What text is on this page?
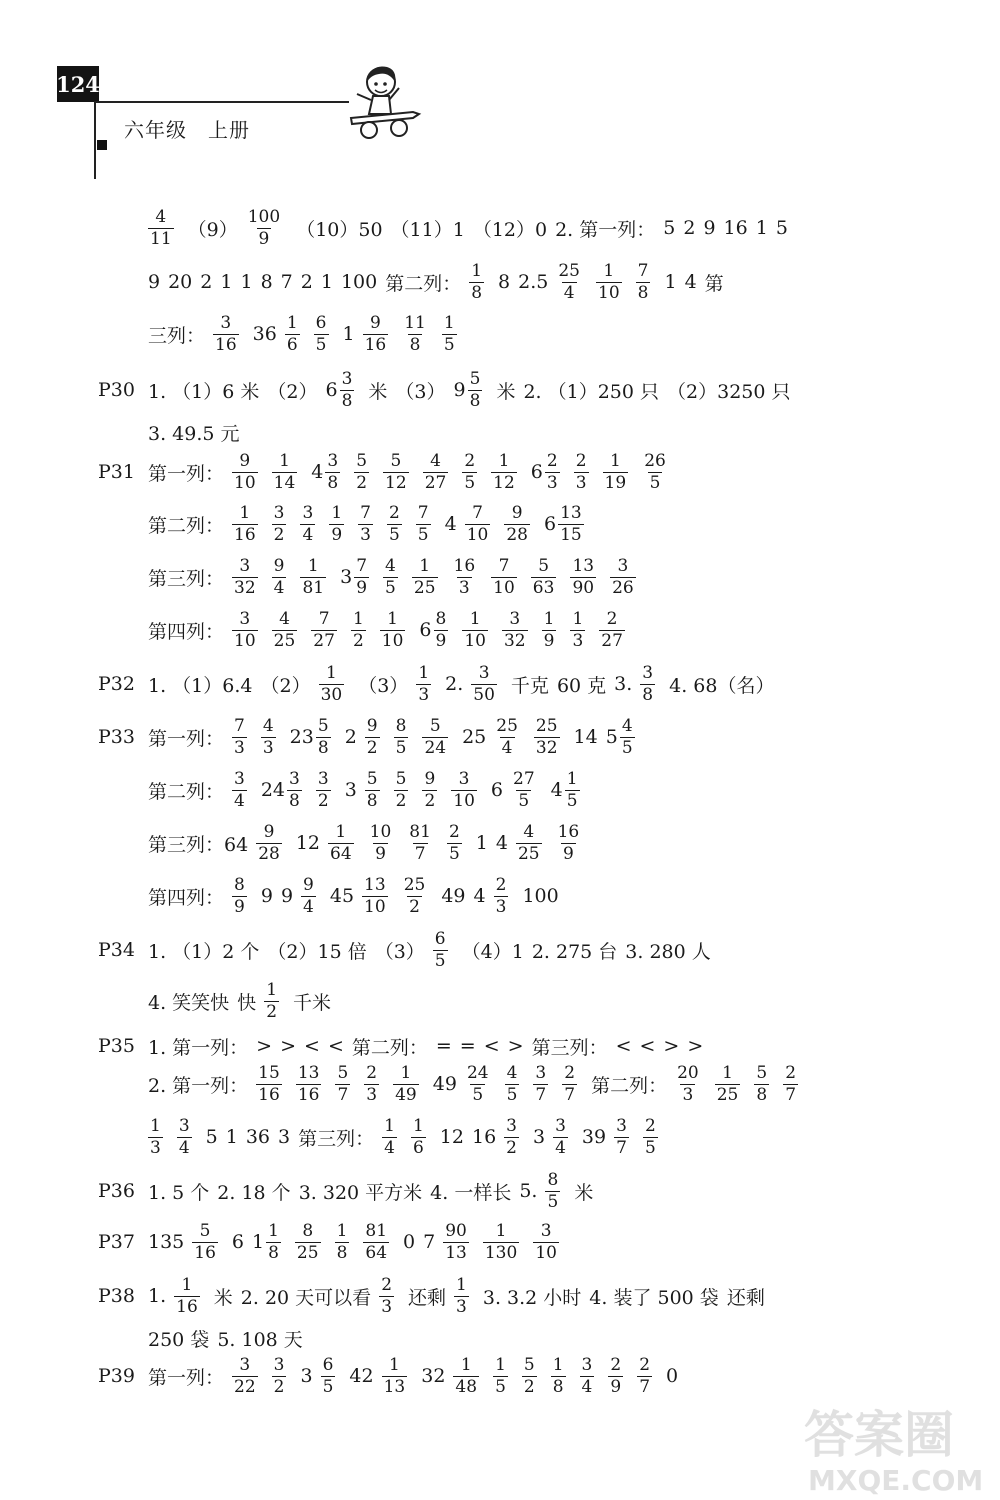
124
六年级　上册
$\frac{4}{11} (9) \frac{100}{9} (10)50$ （11）1 （12）0 2. 第一列： 5 2 9 16 1 5
9 20 2 1 1 8 7 2 1 100 第二列： $\frac{1}{8} 8$ $2.5 \frac{25}{4} \frac{1}{10} \frac{7}{8} 1$ 4 第
三列： $\frac{3}{16} 36 \frac{1}{6} \frac{6}{5} 1 \frac{9}{16} \frac{11}{8} \frac{1}{5}$
P30 1. （1）6 米 （2） $6 \frac{3}{8}$ 米 （3） $9 \frac{5}{8}$ 米 2. （1）250 只 （2）3250 只
3. 49.5 元
P31 第一列： $\frac{9}{10} \frac{1}{14} 4 \frac{3}{8} \frac{5}{2} \frac{5}{12} \frac{4}{27} \frac{2}{5} \frac{1}{12} 6 \frac{2}{3} \frac{2}{3} \frac{1}{19} \frac{26}{5}$
第二列： $\frac{1}{16} \frac{3}{2} \frac{3}{4} \frac{1}{9} \frac{7}{3} \frac{2}{5} \frac{7}{5} 4 \frac{7}{10} \frac{9}{28} 6 \frac{13}{15}$
第三列： $\frac{3}{32} \frac{9}{4} \frac{1}{81} 3 \frac{7}{9} \frac{4}{5} \frac{1}{25} \frac{16}{3} \frac{7}{10} \frac{5}{63} \frac{13}{90} \frac{3}{26}$
第四列： $\frac{3}{10} \frac{4}{25} \frac{7}{27} \frac{1}{2} \frac{1}{10} 6 \frac{8}{9} \frac{1}{10} \frac{3}{32} \frac{1}{9} \frac{1}{3} \frac{2}{27}$
P32 1. （1）6.4 $(2) \frac{1}{30} (3) \frac{1}{3} 2$. $\frac{3}{50}$ 千克 60 克 3. $\frac{3}{8} 4$. 68（名）
P33 第一列： $\frac{7}{3} \frac{4}{3} 23 \frac{5}{8} 2 \frac{9}{2} \frac{8}{5} \frac{5}{24} 25 \frac{25}{4} \frac{25}{32} 14$ $5 \frac{4}{5}$
第二列： $\frac{3}{4} 24 \frac{3}{8} \frac{3}{2} 3 \frac{5}{8} \frac{5}{2} \frac{9}{2} \frac{3}{10} 6 \frac{27}{5} 4 \frac{1}{5}$
第三列：$64 \frac{9}{28} 12 \frac{1}{64} \frac{10}{9} \frac{81}{7} \frac{2}{5} 1$ $4 \frac{4}{25} \frac{16}{9}$
第四列： $\frac{8}{9} 9$ $9 \frac{9}{4} 45 \frac{13}{10} \frac{25}{2} 49$ $4 \frac{2}{3} 100$
P34 1. （1）2 个 （2）15 倍 $(3) \frac{6}{5} (4)1$ 2. 275 台 3. 280 人
4. 笑笑快 快 $\frac{1}{2}$ 千米
P35 1. 第一列： > > < < 第二列： = = < > 第三列： < < > >
2. 第一列： $\frac{15}{16} \frac{13}{16} \frac{5}{7} \frac{2}{3} \frac{1}{49} 49 \frac{24}{5} \frac{4}{5} \frac{3}{7} \frac{2}{7}$ 第二列： $\frac{20}{3} \frac{1}{25} \frac{5}{8} \frac{2}{7}$
$\frac{1}{3} \frac{3}{4} 5$ 1 36 3 第三列： $\frac{1}{4} \frac{1}{6} 12$ $16 \frac{3}{2} 3 \frac{3}{4} 39 \frac{3}{7} \frac{2}{5}$
P36 1. 5 个 2. 18 个 3. 320 平方米 4. 一样长 5. $\frac{8}{5}$ 米
P37 $135 \frac{5}{16} 6$ $1 \frac{1}{8} \frac{8}{25} \frac{1}{8} \frac{81}{64} 0$ $7 \frac{90}{13} \frac{1}{130} \frac{3}{10}$
P38 1. $\frac{1}{16}$ 米 2. 20 天可以看 $\frac{2}{3}$ 还剩 $\frac{1}{3} 3$. 3.2 小时 4. 装了 500 袋 还剩
250 袋 5. 108 天
P39 第一列： $\frac{3}{22} \frac{3}{2} 3 \frac{6}{5} 42 \frac{1}{13} 32 \frac{1}{48} \frac{1}{5} \frac{5}{2} \frac{1}{8} \frac{3}{4} \frac{2}{9} \frac{2}{7} 0$
答案圈
MXQE.COM
